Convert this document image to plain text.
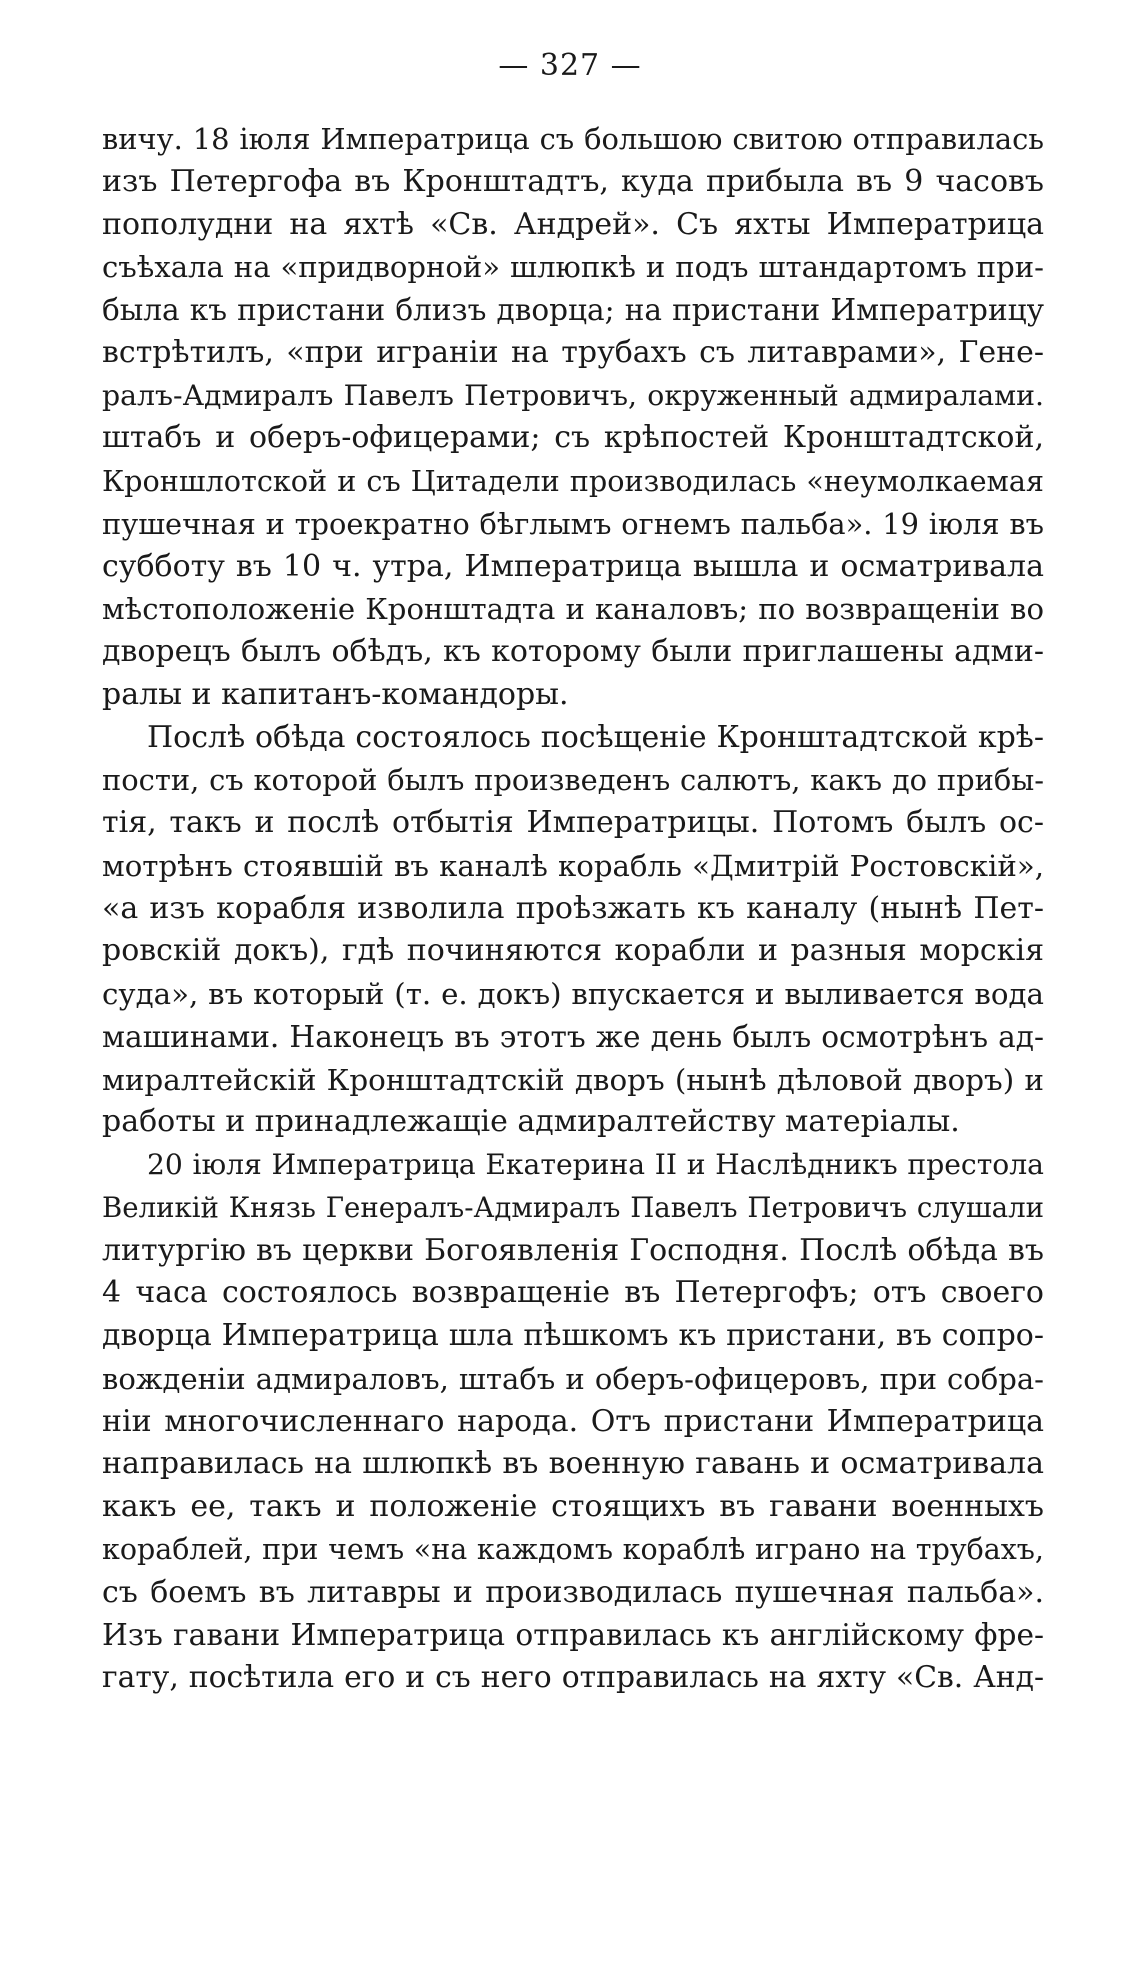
— 327 —
вичу. 18 іюля Императрица съ большою свитою отправилась
изъ Петергофа въ Кронштадтъ, куда прибыла въ 9 часовъ
пополудни на яхтѣ «Св. Андрей». Съ яхты Императрица
съѣхала на «придворной» шлюпкѣ и подъ штандартомъ при-
была къ пристани близъ дворца; на пристани Императрицу
встрѣтилъ, «при играніи на трубахъ съ литаврами», Гене-
ралъ-Адмиралъ Павелъ Петровичъ, окруженный адмиралами.
штабъ и оберъ-офицерами; съ крѣпостей Кронштадтской,
Кроншлотской и съ Цитадели производилась «неумолкаемая
пушечная и троекратно бѣглымъ огнемъ пальба». 19 іюля въ
субботу въ 10 ч. утра, Императрица вышла и осматривала
мѣстоположеніе Кронштадта и каналовъ; по возвращеніи во
дворецъ былъ обѣдъ, къ которому были приглашены адми-
ралы и капитанъ-командоры.
Послѣ обѣда состоялось посѣщеніе Кронштадтской крѣ-
пости, съ которой былъ произведенъ салютъ, какъ до прибы-
тія, такъ и послѣ отбытія Императрицы. Потомъ былъ ос-
мотрѣнъ стоявшій въ каналѣ корабль «Дмитрій Ростовскій»,
«а изъ корабля изволила проѣзжать къ каналу (нынѣ Пет-
ровскій докъ), гдѣ починяются корабли и разныя морскія
суда», въ который (т. е. докъ) впускается и выливается вода
машинами. Наконецъ въ этотъ же день былъ осмотрѣнъ ад-
миралтейскій Кронштадтскій дворъ (нынѣ дѣловой дворъ) и
работы и принадлежащіе адмиралтейству матеріалы.
20 іюля Императрица Екатерина II и Наслѣдникъ престола
Великій Князь Генералъ-Адмиралъ Павелъ Петровичъ слушали
литургію въ церкви Богоявленія Господня. Послѣ обѣда въ
4 часа состоялось возвращеніе въ Петергофъ; отъ своего
дворца Императрица шла пѣшкомъ къ пристани, въ сопро-
вожденіи адмираловъ, штабъ и оберъ-офицеровъ, при собра-
ніи многочисленнаго народа. Отъ пристани Императрица
направилась на шлюпкѣ въ военную гавань и осматривала
какъ ее, такъ и положеніе стоящихъ въ гавани военныхъ
кораблей, при чемъ «на каждомъ кораблѣ играно на трубахъ,
съ боемъ въ литавры и производилась пушечная пальба».
Изъ гавани Императрица отправилась къ англійскому фре-
гату, посѣтила его и съ него отправилась на яхту «Св. Анд-
